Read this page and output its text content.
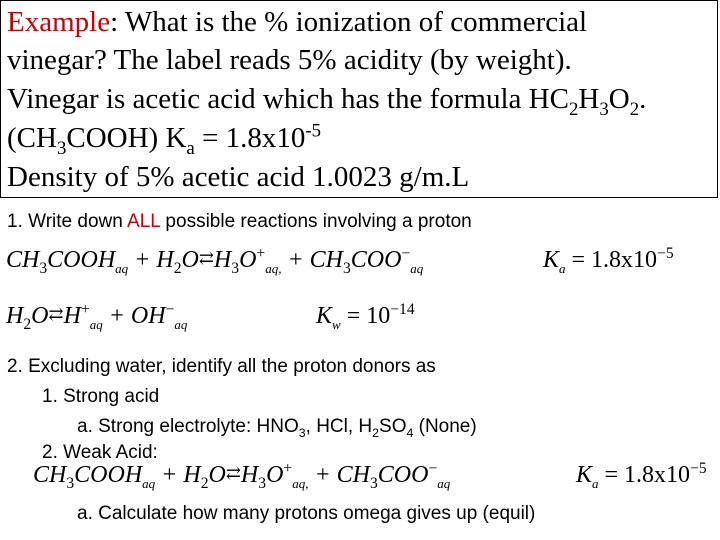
Example: What is the % ionization of commercial
vinegar? The label reads 5% acidity (by weight).
Vinegar is acetic acid which has the formula $HC_2H_3O_2$.
$(CH_3COOH) K_a = 1.8x10^{-5}$
Density of 5% acetic acid 1.0023 g/m.L
1. Write down ALL possible reactions involving a proton
$CH_3COOH_{aq}$ + $H_2O⇄H_3O^+_{aq,} + CH_3COO^-_{aq}$	$K_a = 1.8x10^{-5}$
$H_2O⇄H^+_{aq} + OH^-_{aq}$	$K_w = 10^{-14}$
2. Excluding water, identify all the proton donors as
1. Strong acid
a. Strong electrolyte: $HNO_3$, HCl, $H_2SO_4$ (None)
2. Weak Acid:
$CH_3COOH_{aq}$ + $H_2O⇄H_3O^+_{aq,} + CH_3COO^-_{aq}$	$K_a = 1.8x10^{-5}$
a. Calculate how many protons omega gives up (equil)
